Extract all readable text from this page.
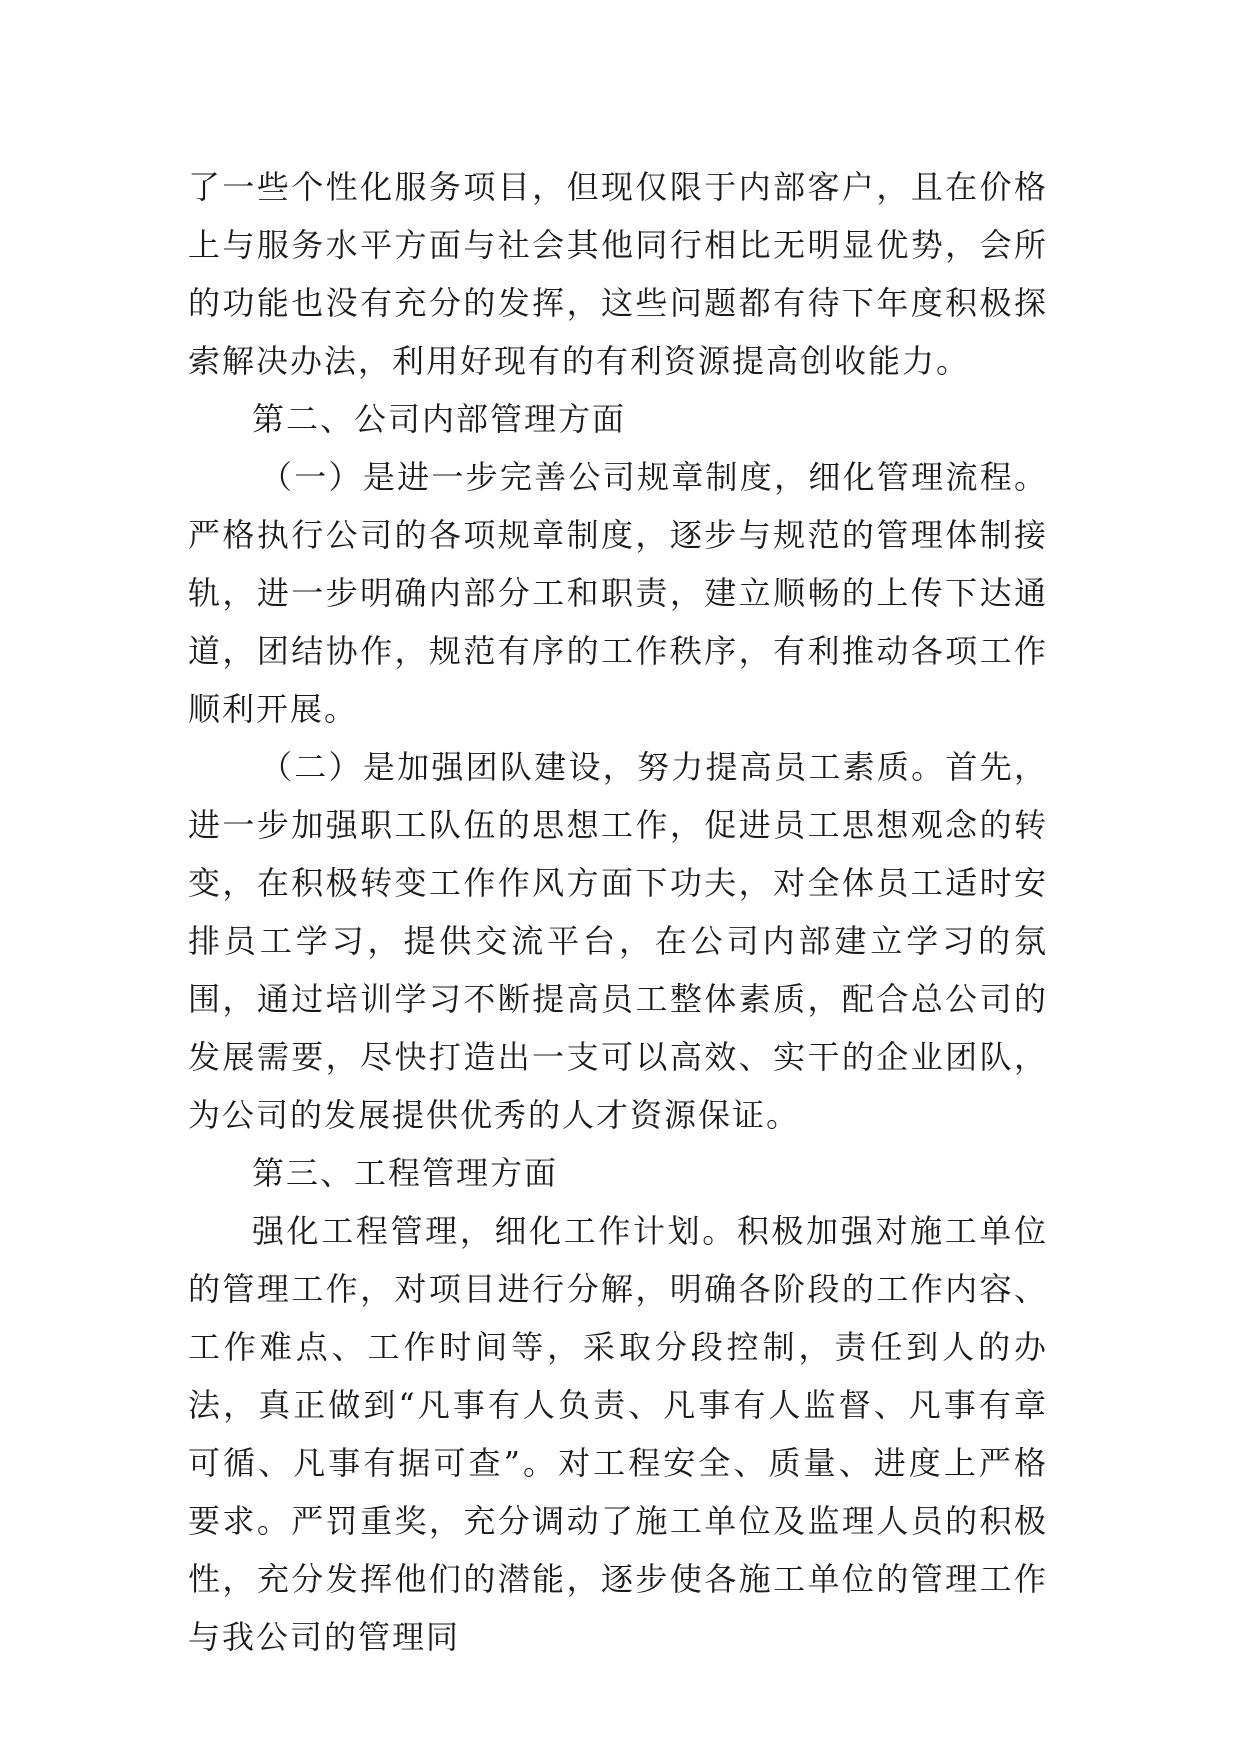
了一些个性化服务项目，但现仅限于内部客户，且在价格上与服务水平方面与社会其他同行相比无明显优势，会所的功能也没有充分的发挥，这些问题都有待下年度积极探索解决办法，利用好现有的有利资源提高创收能力。

第二、公司内部管理方面

（一）是进一步完善公司规章制度，细化管理流程。严格执行公司的各项规章制度，逐步与规范的管理体制接轨，进一步明确内部分工和职责，建立顺畅的上传下达通道，团结协作，规范有序的工作秩序，有利推动各项工作顺利开展。

（二）是加强团队建设，努力提高员工素质。首先，进一步加强职工队伍的思想工作，促进员工思想观念的转变，在积极转变工作作风方面下功夫，对全体员工适时安排员工学习，提供交流平台，在公司内部建立学习的氛围，通过培训学习不断提高员工整体素质，配合总公司的发展需要，尽快打造出一支可以高效、实干的企业团队，为公司的发展提供优秀的人才资源保证。

第三、工程管理方面

强化工程管理，细化工作计划。积极加强对施工单位的管理工作，对项目进行分解，明确各阶段的工作内容、工作难点、工作时间等，采取分段控制，责任到人的办法，真正做到“凡事有人负责、凡事有人监督、凡事有章可循、凡事有据可查”。对工程安全、质量、进度上严格要求。严罚重奖，充分调动了施工单位及监理人员的积极性，充分发挥他们的潜能，逐步使各施工单位的管理工作与我公司的管理同
